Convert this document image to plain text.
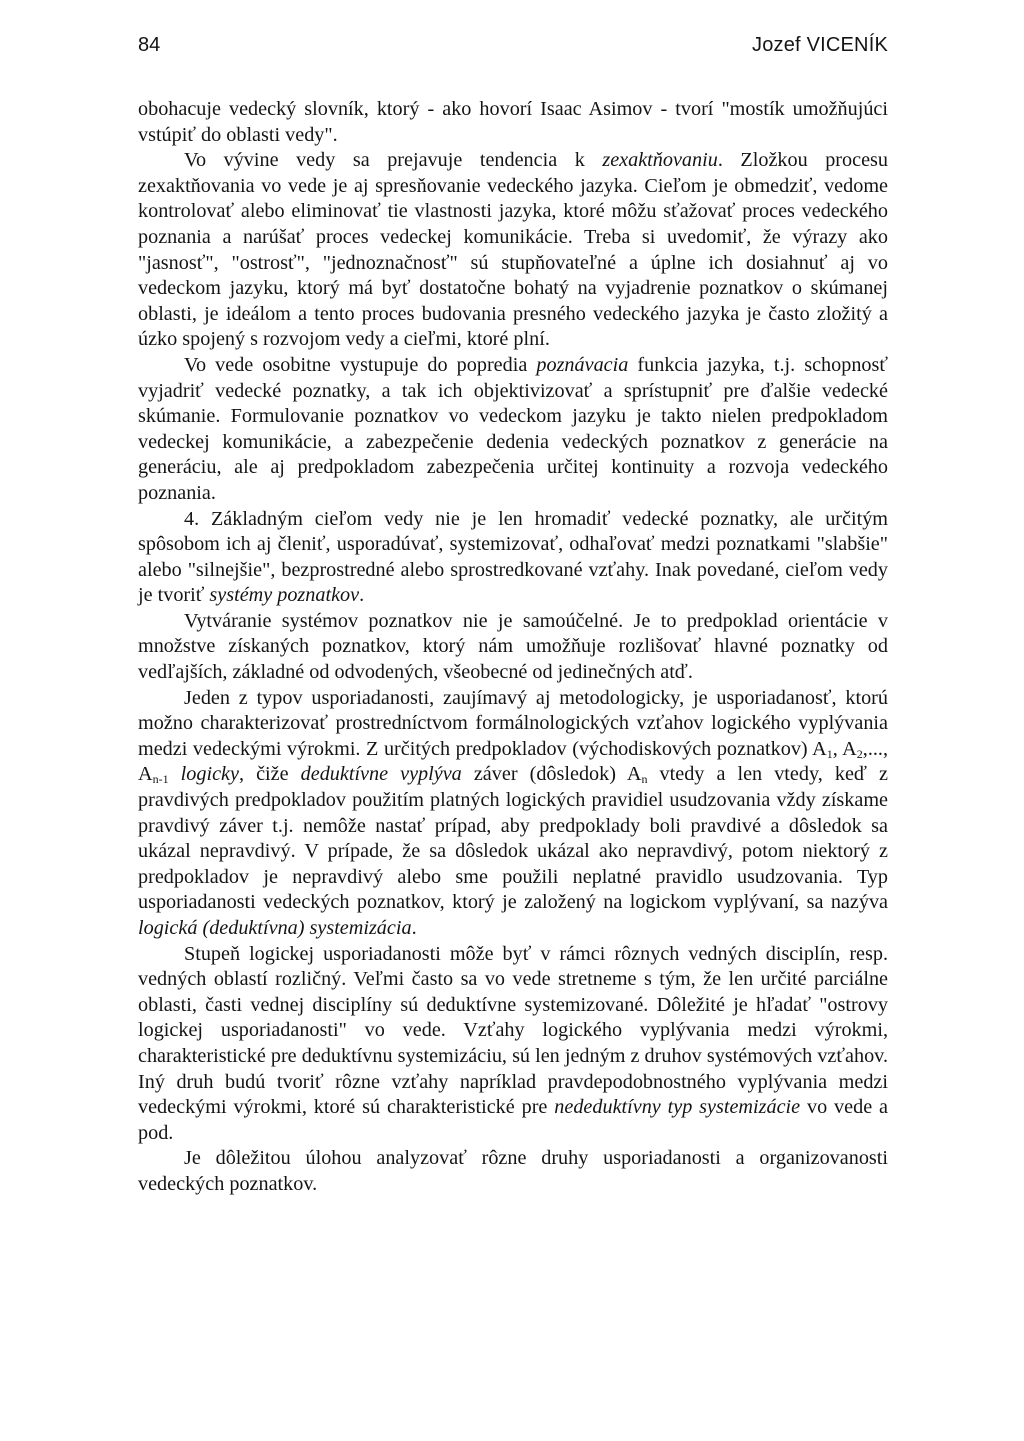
84	Jozef VICENÍK

obohacuje vedecký slovník, ktorý - ako hovorí Isaac Asimov - tvorí "mostík umožňujúci vstúpiť do oblasti vedy".

Vo vývine vedy sa prejavuje tendencia k zexaktňovaniu. Zložkou procesu zexaktňovania vo vede je aj spresňovanie vedeckého jazyka. Cieľom je obmedziť, vedome kontrolovať alebo eliminovať tie vlastnosti jazyka, ktoré môžu sťažovať proces vedeckého poznania a narúšať proces vedeckej komunikácie. Treba si uvedomiť, že výrazy ako "jasnosť", "ostrosť", "jednoznačnosť" sú stupňovateľné a úplne ich dosiahnuť aj vo vedeckom jazyku, ktorý má byť dostatočne bohatý na vyjadrenie poznatkov o skúmanej oblasti, je ideálom a tento proces budovania presného vedeckého jazyka je často zložitý a úzko spojený s rozvojom vedy a cieľmi, ktoré plní.

Vo vede osobitne vystupuje do popredia poznávacia funkcia jazyka, t.j. schopnosť vyjadriť vedecké poznatky, a tak ich objektivizovať a sprístupniť pre ďalšie vedecké skúmanie. Formulovanie poznatkov vo vedeckom jazyku je takto nielen predpokladom vedeckej komunikácie, a zabezpečenie dedenia vedeckých poznatkov z generácie na generáciu, ale aj predpokladom zabezpečenia určitej kontinuity a rozvoja vedeckého poznania.

4. Základným cieľom vedy nie je len hromadiť vedecké poznatky, ale určitým spôsobom ich aj členiť, usporadúvať, systemizovať, odhaľovať medzi poznatkami "slabšie" alebo "silnejšie", bezprostredné alebo sprostredkované vzťahy. Inak povedané, cieľom vedy je tvoriť systémy poznatkov.

Vytváranie systémov poznatkov nie je samoúčelné. Je to predpoklad orientácie v množstve získaných poznatkov, ktorý nám umožňuje rozlišovať hlavné poznatky od vedľajších, základné od odvodených, všeobecné od jedinečných atď.

Jeden z typov usporiadanosti, zaujímavý aj metodologicky, je usporiadanosť, ktorú možno charakterizovať prostredníctvom formálnologických vzťahov logického vyplývania medzi vedeckými výrokmi. Z určitých predpokladov (východiskových poznatkov) $A_1$, $A_2$,..., $A_{n-1}$ logicky, čiže deduktívne vyplýva záver (dôsledok) $A_n$ vtedy a len vtedy, keď z pravdivých predpokladov použitím platných logických pravidiel usudzovania vždy získame pravdivý záver t.j. nemôže nastať prípad, aby predpoklady boli pravdivé a dôsledok sa ukázal nepravdivý. V prípade, že sa dôsledok ukázal ako nepravdivý, potom niektorý z predpokladov je nepravdivý alebo sme použili neplatné pravidlo usudzovania. Typ usporiadanosti vedeckých poznatkov, ktorý je založený na logickom vyplývaní, sa nazýva logická (deduktívna) systemizácia.

Stupeň logickej usporiadanosti môže byť v rámci rôznych vedných disciplín, resp. vedných oblastí rozličný. Veľmi často sa vo vede stretneme s tým, že len určité parciálne oblasti, časti vednej disciplíny sú deduktívne systemizované. Dôležité je hľadať "ostrovy logickej usporiadanosti" vo vede. Vzťahy logického vyplývania medzi výrokmi, charakteristické pre deduktívnu systemizáciu, sú len jedným z druhov systémových vzťahov. Iný druh budú tvoriť rôzne vzťahy napríklad pravdepodobnostného vyplývania medzi vedeckými výrokmi, ktoré sú charakteristické pre nededuktívny typ systemizácie vo vede a pod.

Je dôležitou úlohou analyzovať rôzne druhy usporiadanosti a organizovanosti vedeckých poznatkov.
